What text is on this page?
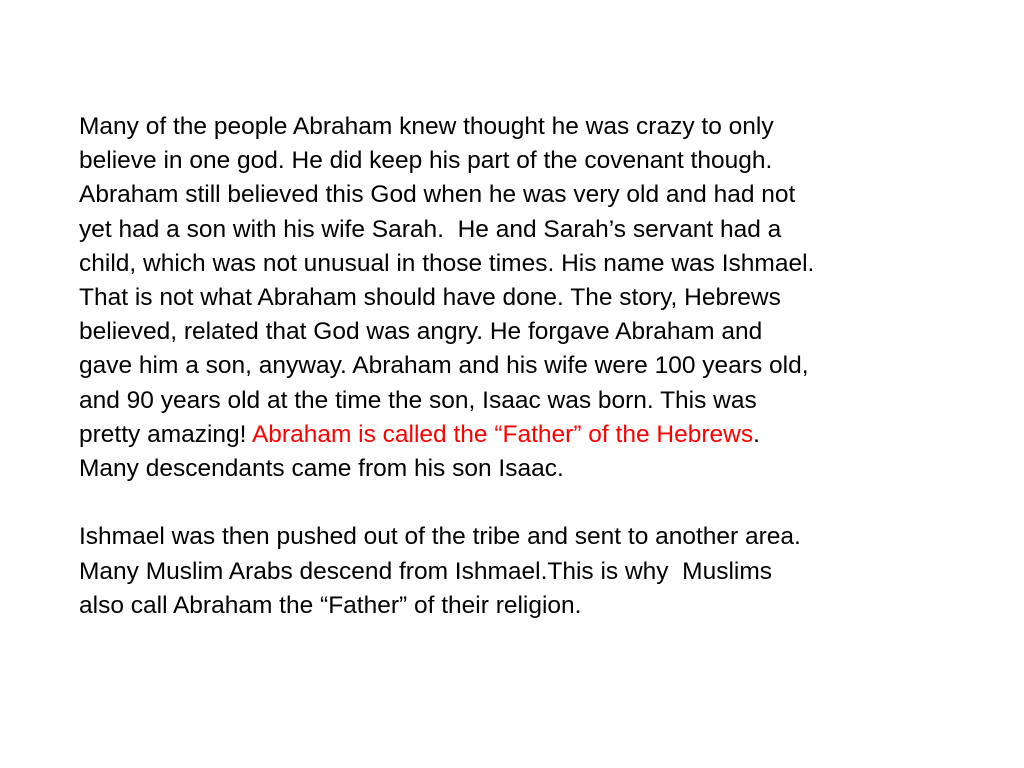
Many of the people Abraham knew thought he was crazy to only
believe in one god. He did keep his part of the covenant though.
Abraham still believed this God when he was very old and had not
yet had a son with his wife Sarah.  He and Sarah’s servant had a
child, which was not unusual in those times. His name was Ishmael.
That is not what Abraham should have done. The story, Hebrews
believed, related that God was angry. He forgave Abraham and
gave him a son, anyway. Abraham and his wife were 100 years old,
and 90 years old at the time the son, Isaac was born. This was
pretty amazing! Abraham is called the “Father” of the Hebrews.
Many descendants came from his son Isaac.
Ishmael was then pushed out of the tribe and sent to another area.
Many Muslim Arabs descend from Ishmael.This is why  Muslims
also call Abraham the “Father” of their religion.
